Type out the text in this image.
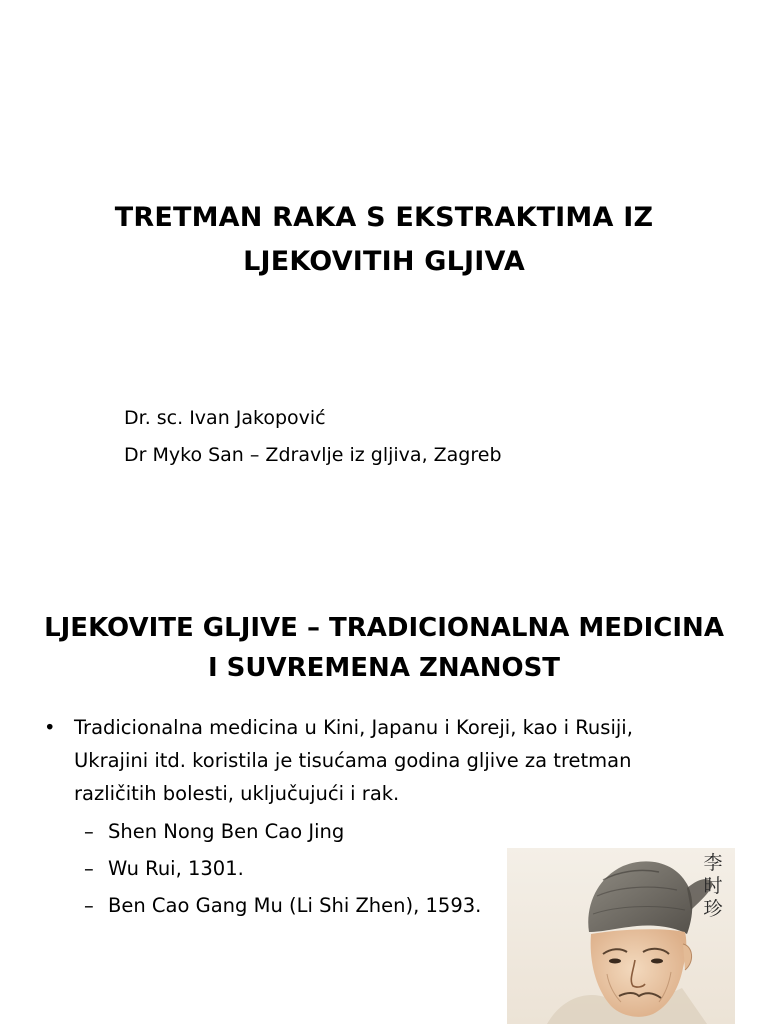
TRETMAN RAKA S EKSTRAKTIMA IZ
LJEKOVITIH GLJIVA
Dr. sc. Ivan Jakopović
Dr Myko San – Zdravlje iz gljiva, Zagreb
LJEKOVITE GLJIVE – TRADICIONALNA MEDICINA
I SUVREMENA ZNANOST
• Tradicionalna medicina u Kini, Japanu i Koreji, kao i Rusiji,
Ukrajini itd. koristila je tisućama godina gljive za tretman
različitih bolesti, uključujući i rak.
– Shen Nong Ben Cao Jing
– Wu Rui, 1301.
– Ben Cao Gang Mu (Li Shi Zhen), 1593.
李
时
珍
